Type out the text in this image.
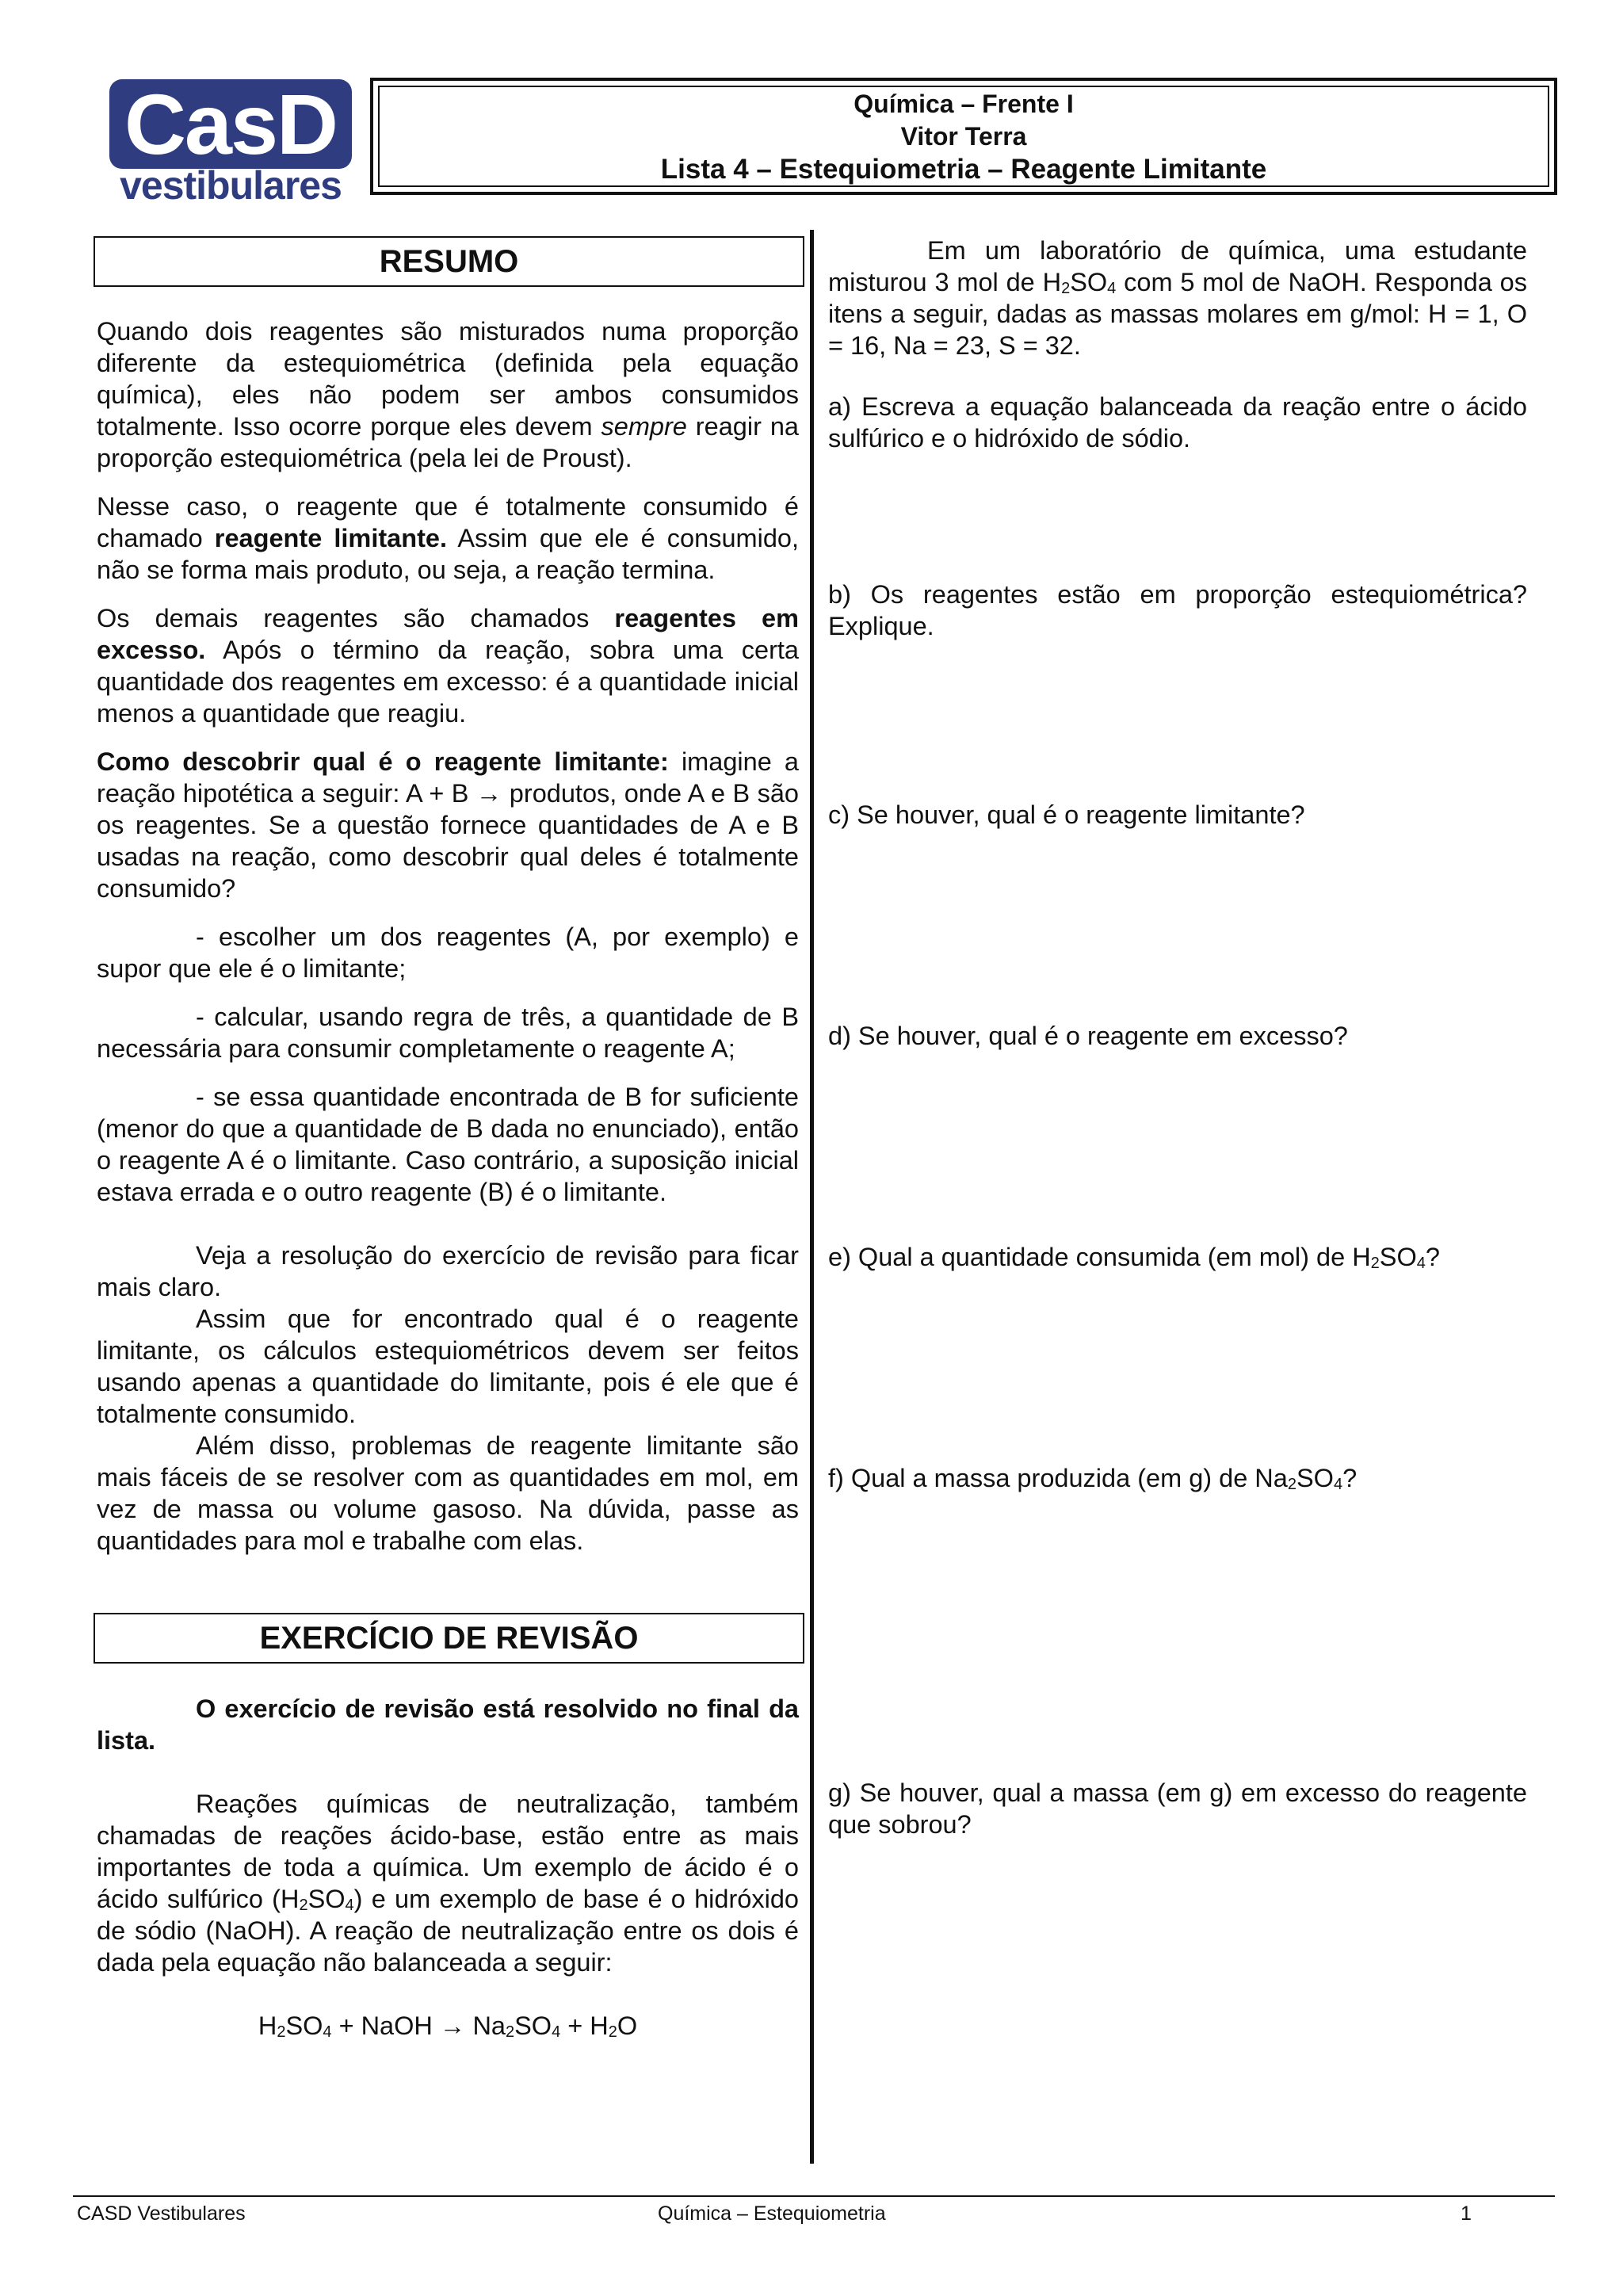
CasD
vestibulares
Química – Frente I
Vitor Terra
Lista 4 – Estequiometria – Reagente Limitante
RESUMO

Quando dois reagentes são misturados numa proporção diferente da estequiométrica (definida pela equação química), eles não podem ser ambos consumidos totalmente. Isso ocorre porque eles devem sempre reagir na proporção estequiométrica (pela lei de Proust).

Nesse caso, o reagente que é totalmente consumido é chamado reagente limitante. Assim que ele é consumido, não se forma mais produto, ou seja, a reação termina.

Os demais reagentes são chamados reagentes em excesso. Após o término da reação, sobra uma certa quantidade dos reagentes em excesso: é a quantidade inicial menos a quantidade que reagiu.

Como descobrir qual é o reagente limitante: imagine a reação hipotética a seguir: A + B → produtos, onde A e B são os reagentes. Se a questão fornece quantidades de A e B usadas na reação, como descobrir qual deles é totalmente consumido?

- escolher um dos reagentes (A, por exemplo) e supor que ele é o limitante;

- calcular, usando regra de três, a quantidade de B necessária para consumir completamente o reagente A;

- se essa quantidade encontrada de B for suficiente (menor do que a quantidade de B dada no enunciado), então o reagente A é o limitante. Caso contrário, a suposição inicial estava errada e o outro reagente (B) é o limitante.

Veja a resolução do exercício de revisão para ficar mais claro.

Assim que for encontrado qual é o reagente limitante, os cálculos estequiométricos devem ser feitos usando apenas a quantidade do limitante, pois é ele que é totalmente consumido.

Além disso, problemas de reagente limitante são mais fáceis de se resolver com as quantidades em mol, em vez de massa ou volume gasoso. Na dúvida, passe as quantidades para mol e trabalhe com elas.

EXERCÍCIO DE REVISÃO

O exercício de revisão está resolvido no final da lista.

Reações químicas de neutralização, também chamadas de reações ácido-base, estão entre as mais importantes de toda a química. Um exemplo de ácido é o ácido sulfúrico $(H_2SO_4)$ e um exemplo de base é o hidróxido de sódio (NaOH). A reação de neutralização entre os dois é dada pela equação não balanceada a seguir:

$H_2SO_4$ + NaOH → $Na_2SO_4 + H_2O$

Em um laboratório de química, uma estudante misturou 3 mol de $H_2SO_4$ com 5 mol de NaOH. Responda os itens a seguir, dadas as massas molares em g/mol: H = 1, O = 16, Na = 23, S = 32.

a) Escreva a equação balanceada da reação entre o ácido sulfúrico e o hidróxido de sódio.

b) Os reagentes estão em proporção estequiométrica? Explique.

c) Se houver, qual é o reagente limitante?

d) Se houver, qual é o reagente em excesso?

e) Qual a quantidade consumida (em mol) de $H_2SO_4$?

f) Qual a massa produzida (em g) de $Na_2SO_4$?

g) Se houver, qual a massa (em g) em excesso do reagente que sobrou?

CASD Vestibulares	Química – Estequiometria	1
